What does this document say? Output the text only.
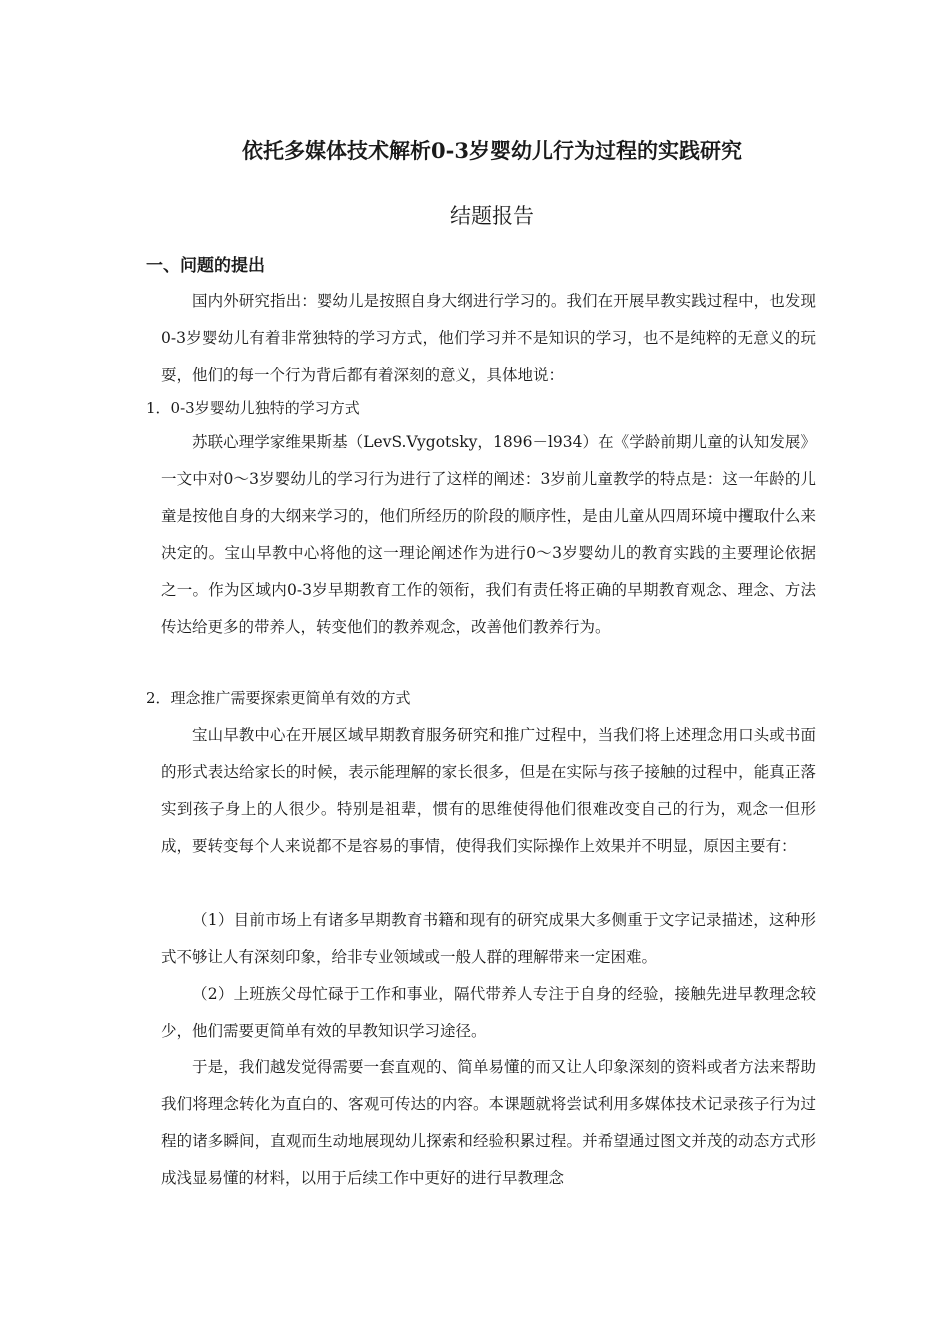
依托多媒体技术解析0-3岁婴幼儿行为过程的实践研究
结题报告
一、问题的提出

国内外研究指出：婴幼儿是按照自身大纲进行学习的。我们在开展早教实践过程中，也发现0-3岁婴幼儿有着非常独特的学习方式，他们学习并不是知识的学习，也不是纯粹的无意义的玩耍，他们的每一个行为背后都有着深刻的意义，具体地说：

1．0-3岁婴幼儿独特的学习方式

苏联心理学家维果斯基（LevS.Vygotsky，1896－l934）在《学龄前期儿童的认知发展》一文中对0～3岁婴幼儿的学习行为进行了这样的阐述：3岁前儿童教学的特点是：这一年龄的儿童是按他自身的大纲来学习的，他们所经历的阶段的顺序性，是由儿童从四周环境中攫取什么来决定的。宝山早教中心将他的这一理论阐述作为进行0～3岁婴幼儿的教育实践的主要理论依据之一。作为区域内0-3岁早期教育工作的领衔，我们有责任将正确的早期教育观念、理念、方法传达给更多的带养人，转变他们的教养观念，改善他们教养行为。

2．理念推广需要探索更简单有效的方式

宝山早教中心在开展区域早期教育服务研究和推广过程中，当我们将上述理念用口头或书面的形式表达给家长的时候，表示能理解的家长很多，但是在实际与孩子接触的过程中，能真正落实到孩子身上的人很少。特别是祖辈，惯有的思维使得他们很难改变自己的行为，观念一但形成，要转变每个人来说都不是容易的事情，使得我们实际操作上效果并不明显，原因主要有：

（1）目前市场上有诸多早期教育书籍和现有的研究成果大多侧重于文字记录描述，这种形式不够让人有深刻印象，给非专业领域或一般人群的理解带来一定困难。

（2）上班族父母忙碌于工作和事业，隔代带养人专注于自身的经验，接触先进早教理念较少，他们需要更简单有效的早教知识学习途径。

于是，我们越发觉得需要一套直观的、简单易懂的而又让人印象深刻的资料或者方法来帮助我们将理念转化为直白的、客观可传达的内容。本课题就将尝试利用多媒体技术记录孩子行为过程的诸多瞬间，直观而生动地展现幼儿探索和经验积累过程。并希望通过图文并茂的动态方式形成浅显易懂的材料，以用于后续工作中更好的进行早教理念
